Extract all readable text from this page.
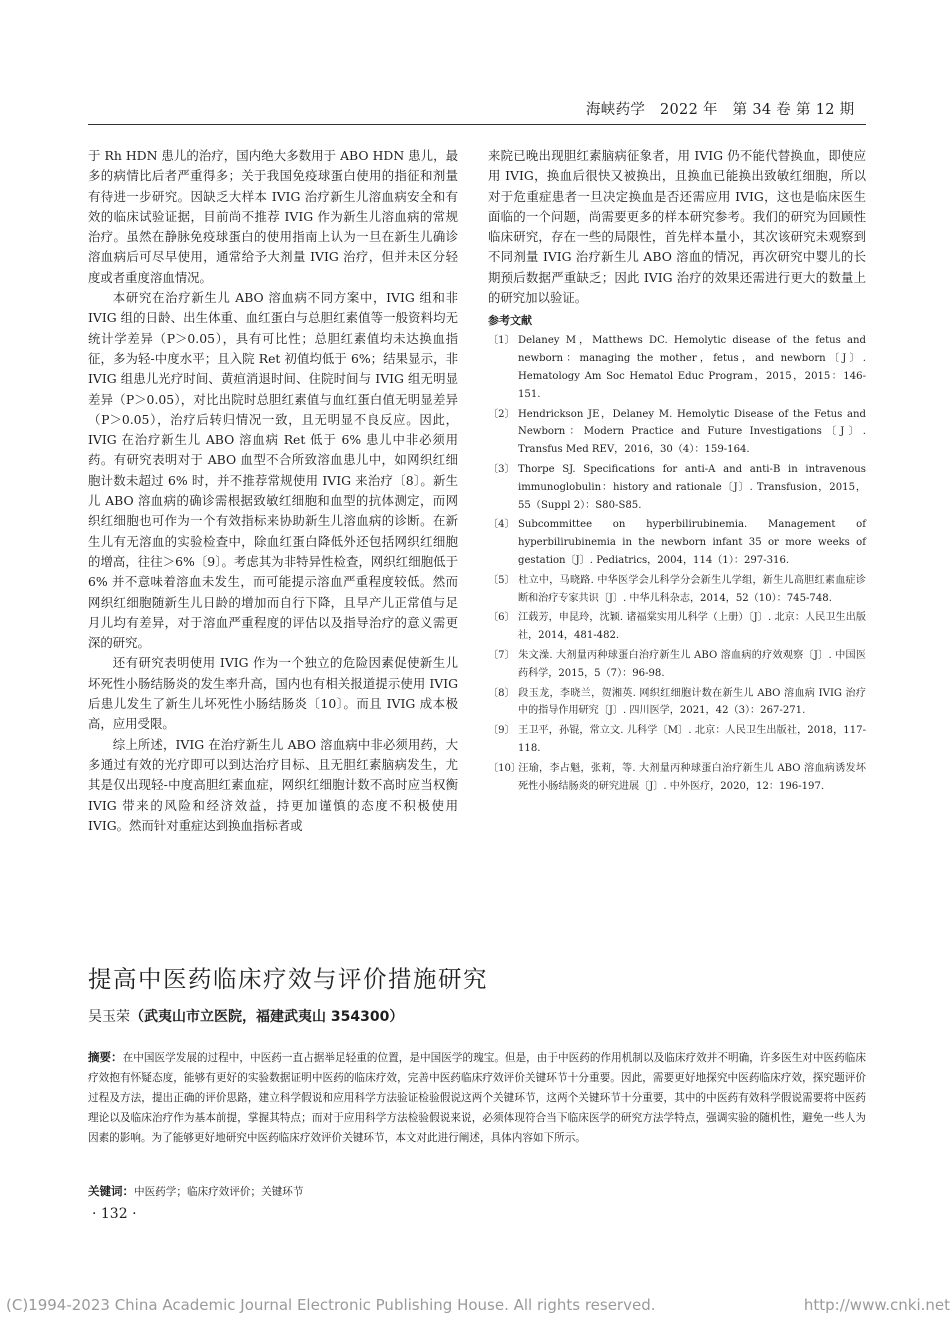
海峡药学　2022 年　第 34 卷 第 12 期

于 Rh HDN 患儿的治疗，国内绝大多数用于 ABO HDN 患儿，最多的病情比后者严重得多；关于我国免疫球蛋白使用的指征和剂量有待进一步研究。因缺乏大样本 IVIG 治疗新生儿溶血病安全和有效的临床试验证据，目前尚不推荐 IVIG 作为新生儿溶血病的常规治疗。虽然在静脉免疫球蛋白的使用指南上认为一旦在新生儿确诊溶血病后可尽早使用，通常给予大剂量 IVIG 治疗，但并未区分轻度或者重度溶血情况。

本研究在治疗新生儿 ABO 溶血病不同方案中，IVIG 组和非 IVIG 组的日龄、出生体重、血红蛋白与总胆红素值等一般资料均无统计学差异（P＞0.05），具有可比性；总胆红素值均未达换血指征，多为轻-中度水平；且入院 Ret 初值均低于 6%；结果显示，非 IVIG 组患儿光疗时间、黄疸消退时间、住院时间与 IVIG 组无明显差异（P＞0.05），对比出院时总胆红素值与血红蛋白值无明显差异（P＞0.05），治疗后转归情况一致，且无明显不良反应。因此，IVIG 在治疗新生儿 ABO 溶血病 Ret 低于 6% 患儿中非必须用药。有研究表明对于 ABO 血型不合所致溶血患儿中，如网织红细胞计数未超过 6% 时，并不推荐常规使用 IVIG 来治疗〔8〕。新生儿 ABO 溶血病的确诊需根据致敏红细胞和血型的抗体测定，而网织红细胞也可作为一个有效指标来协助新生儿溶血病的诊断。在新生儿有无溶血的实验检查中，除血红蛋白降低外还包括网织红细胞的增高，往往＞6%〔9〕。考虑其为非特异性检查，网织红细胞低于 6% 并不意味着溶血未发生，而可能提示溶血严重程度较低。然而网织红细胞随新生儿日龄的增加而自行下降，且早产儿正常值与足月儿均有差异，对于溶血严重程度的评估以及指导治疗的意义需更深的研究。

还有研究表明使用 IVIG 作为一个独立的危险因素促使新生儿坏死性小肠结肠炎的发生率升高，国内也有相关报道提示使用 IVIG 后患儿发生了新生儿坏死性小肠结肠炎〔10〕。而且 IVIG 成本极高，应用受限。

综上所述，IVIG 在治疗新生儿 ABO 溶血病中非必须用药，大多通过有效的光疗即可以到达治疗目标、且无胆红素脑病发生，尤其是仅出现轻-中度高胆红素血症，网织红细胞计数不高时应当权衡 IVIG 带来的风险和经济效益，持更加谨慎的态度不积极使用 IVIG。然而针对重症达到换血指标者或

来院已晚出现胆红素脑病征象者，用 IVIG 仍不能代替换血，即使应用 IVIG，换血后很快又被换出，且换血已能换出致敏红细胞，所以对于危重症患者一旦决定换血是否还需应用 IVIG，这也是临床医生面临的一个问题，尚需要更多的样本研究参考。我们的研究为回顾性临床研究，存在一些的局限性，首先样本量小，其次该研究未观察到不同剂量 IVIG 治疗新生儿 ABO 溶血的情况，再次研究中婴儿的长期预后数据严重缺乏；因此 IVIG 治疗的效果还需进行更大的数量上的研究加以验证。

参考文献

〔1〕 Delaney M，Matthews DC. Hemolytic disease of the fetus and newborn：managing the mother，fetus，and newborn〔J〕. Hematology Am Soc Hematol Educ Program，2015，2015：146-151.

〔2〕 Hendrickson JE，Delaney M. Hemolytic Disease of the Fetus and Newborn：Modern Practice and Future Investigations〔J〕. Transfus Med REV，2016，30（4）：159-164.

〔3〕 Thorpe SJ. Specifications for anti-A and anti-B in intravenous immunoglobulin：history and rationale〔J〕. Transfusion，2015，55（Suppl 2）：S80-S85.

〔4〕 Subcommittee on hyperbilirubinemia. Management of hyperbilirubinemia in the newborn infant 35 or more weeks of gestation〔J〕. Pediatrics，2004，114（1）：297-316.

〔5〕 杜立中，马晓路. 中华医学会儿科学分会新生儿学组，新生儿高胆红素血症诊断和治疗专家共识〔J〕. 中华儿科杂志，2014，52（10）：745-748.

〔6〕 江载芳，申昆玲，沈颖. 诸福棠实用儿科学（上册）〔J〕. 北京：人民卫生出版社，2014，481-482.

〔7〕 朱文澡. 大剂量丙种球蛋白治疗新生儿 ABO 溶血病的疗效观察〔J〕. 中国医药科学，2015，5（7）：96-98.

〔8〕 段玉龙，李晓兰，贺湘英. 网织红细胞计数在新生儿 ABO 溶血病 IVIG 治疗中的指导作用研究〔J〕. 四川医学，2021，42（3）：267-271.

〔9〕 王卫平，孙锟，常立文. 儿科学〔M〕. 北京：人民卫生出版社，2018，117-118.

〔10〕汪瑜，李占魁，张莉，等. 大剂量丙种球蛋白治疗新生儿 ABO 溶血病诱发坏死性小肠结肠炎的研究进展〔J〕. 中外医疗，2020，12：196-197.

提高中医药临床疗效与评价措施研究
吴玉荣（武夷山市立医院，福建武夷山 354300）

摘要：在中国医学发展的过程中，中医药一直占据举足轻重的位置，是中国医学的瑰宝。但是，由于中医药的作用机制以及临床疗效并不明确，许多医生对中医药临床疗效抱有怀疑态度，能够有更好的实验数据证明中医药的临床疗效，完善中医药临床疗效评价关键环节十分重要。因此，需要更好地探究中医药临床疗效，探究题评价过程及方法，提出正确的评价思路，建立科学假说和应用科学方法验证检验假说这两个关键环节，这两个关键环节十分重要，其中的中医药有效科学假说需要将中医药理论以及临床治疗作为基本前提，掌握其特点；而对于应用科学方法检验假说来说，必须体现符合当下临床医学的研究方法学特点，强调实验的随机性，避免一些人为因素的影响。为了能够更好地研究中医药临床疗效评价关键环节，本文对此进行阐述，具体内容如下所示。

关键词：中医药学；临床疗效评价；关键环节

· 132 ·
(C)1994-2023 China Academic Journal Electronic Publishing House. All rights reserved.	http://www.cnki.net
